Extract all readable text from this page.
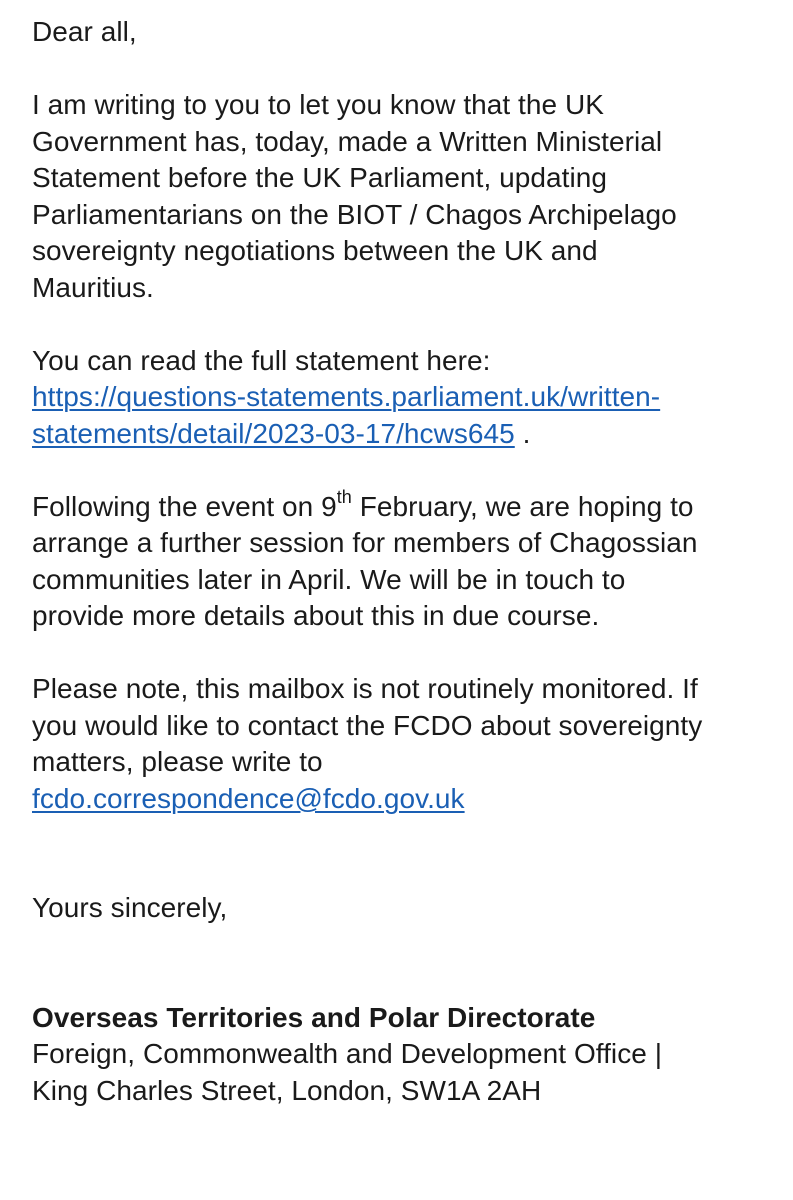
Dear all,
I am writing to you to let you know that the UK
Government has, today, made a Written Ministerial
Statement before the UK Parliament, updating
Parliamentarians on the BIOT / Chagos Archipelago
sovereignty negotiations between the UK and
Mauritius.
You can read the full statement here:
https://questions-statements.parliament.uk/written-
statements/detail/2023-03-17/hcws645 .
Following the event on 9th February, we are hoping to
arrange a further session for members of Chagossian
communities later in April. We will be in touch to
provide more details about this in due course.
Please note, this mailbox is not routinely monitored. If
you would like to contact the FCDO about sovereignty
matters, please write to
fcdo.correspondence@fcdo.gov.uk
Yours sincerely,
Overseas Territories and Polar Directorate
Foreign, Commonwealth and Development Office |
King Charles Street, London, SW1A 2AH
